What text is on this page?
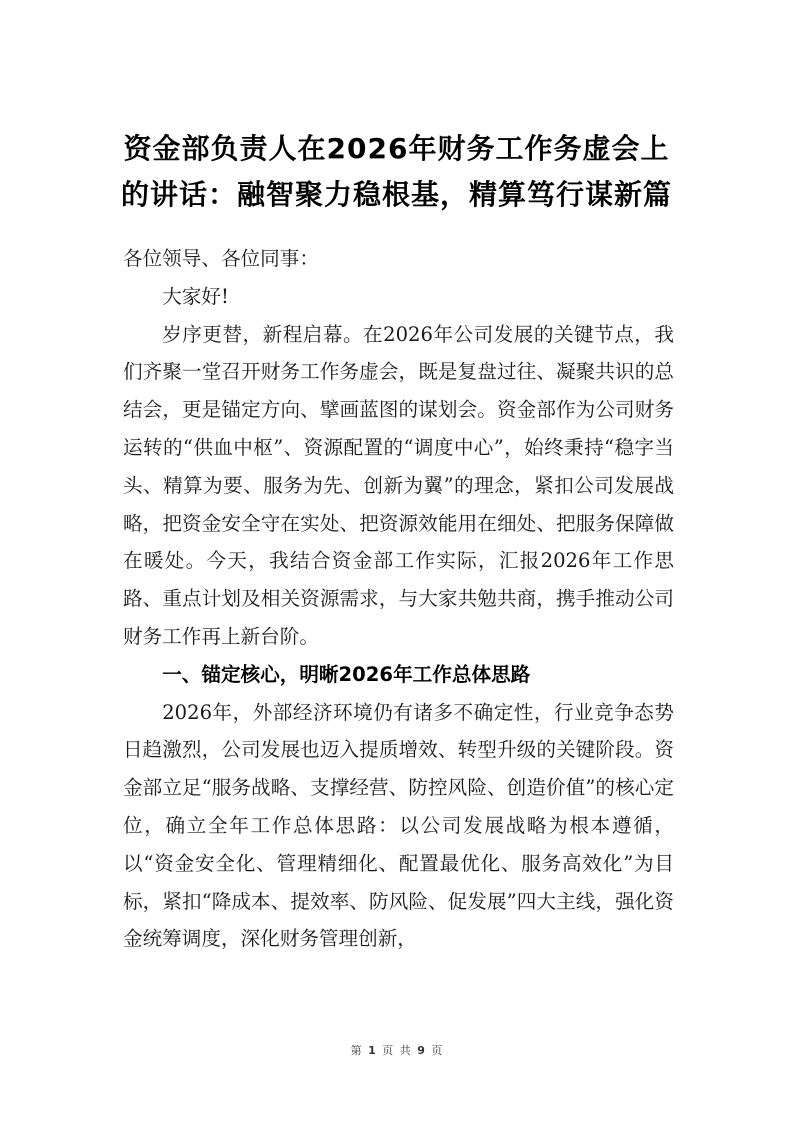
资金部负责人在2026年财务工作务虚会上的讲话：融智聚力稳根基，精算笃行谋新篇

各位领导、各位同事：

大家好!

岁序更替，新程启幕。在2026年公司发展的关键节点，我们齐聚一堂召开财务工作务虚会，既是复盘过往、凝聚共识的总结会，更是锚定方向、擘画蓝图的谋划会。资金部作为公司财务运转的“供血中枢”、资源配置的“调度中心”，始终秉持“稳字当头、精算为要、服务为先、创新为翼”的理念，紧扣公司发展战略，把资金安全守在实处、把资源效能用在细处、把服务保障做在暖处。今天，我结合资金部工作实际，汇报2026年工作思路、重点计划及相关资源需求，与大家共勉共商，携手推动公司财务工作再上新台阶。

一、锚定核心，明晰2026年工作总体思路

2026年，外部经济环境仍有诸多不确定性，行业竞争态势日趋激烈，公司发展也迈入提质增效、转型升级的关键阶段。资金部立足“服务战略、支撑经营、防控风险、创造价值”的核心定位，确立全年工作总体思路：以公司发展战略为根本遵循，以“资金安全化、管理精细化、配置最优化、服务高效化”为目标，紧扣“降成本、提效率、防风险、促发展”四大主线，强化资金统筹调度，深化财务管理创新，

第 1 页 共 9 页
